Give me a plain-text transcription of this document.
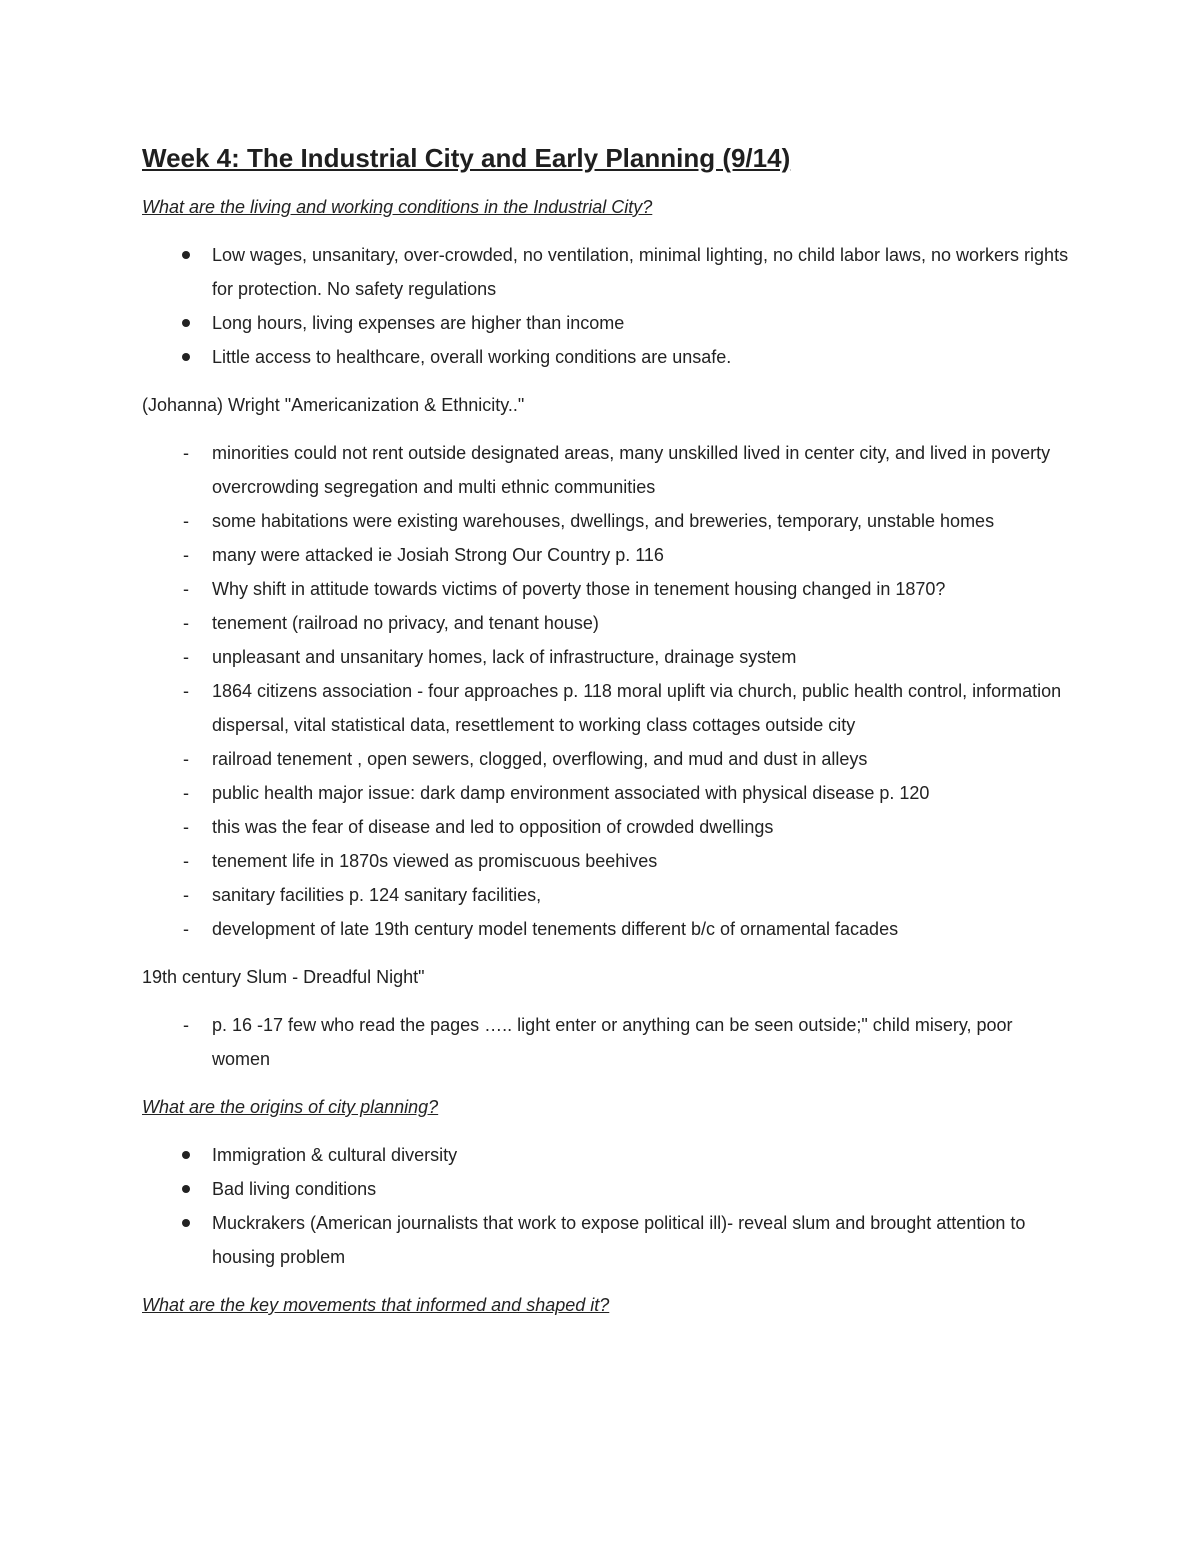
Week 4: The Industrial City and Early Planning (9/14)

What are the living and working conditions in the Industrial City?

Low wages, unsanitary, over-crowded, no ventilation, minimal lighting, no child labor laws, no workers rights for protection. No safety regulations
Long hours, living expenses are higher than income
Little access to healthcare, overall working conditions are unsafe.

(Johanna) Wright "Americanization & Ethnicity.."

-
minorities could not rent outside designated areas, many unskilled lived in center city, and lived in poverty overcrowding segregation and multi ethnic communities
-
some habitations were existing warehouses, dwellings, and breweries, temporary, unstable homes
-
many were attacked ie Josiah Strong Our Country p. 116
-
Why shift in attitude towards victims of poverty those in tenement housing changed in 1870?
-
tenement (railroad no privacy, and tenant house)
-
unpleasant and unsanitary homes, lack of infrastructure, drainage system
-
1864 citizens association - four approaches p. 118 moral uplift via church, public health control, information dispersal, vital statistical data, resettlement to working class cottages outside city
-
railroad tenement , open sewers, clogged, overflowing, and mud and dust in alleys
-
public health major issue: dark damp environment associated with physical disease p. 120
-
this was the fear of disease and led to opposition of crowded dwellings
-
tenement life in 1870s viewed as promiscuous beehives
-
sanitary facilities p. 124 sanitary facilities,
-
development of late 19th century model tenements different b/c of ornamental facades

19th century Slum - Dreadful Night"

-
p. 16 -17 few who read the pages ….. light enter or anything can be seen outside;" child misery, poor women

What are the origins of city planning?

Immigration & cultural diversity
Bad living conditions
Muckrakers (American journalists that work to expose political ill)- reveal slum and brought attention to housing problem

What are the key movements that informed and shaped it?
